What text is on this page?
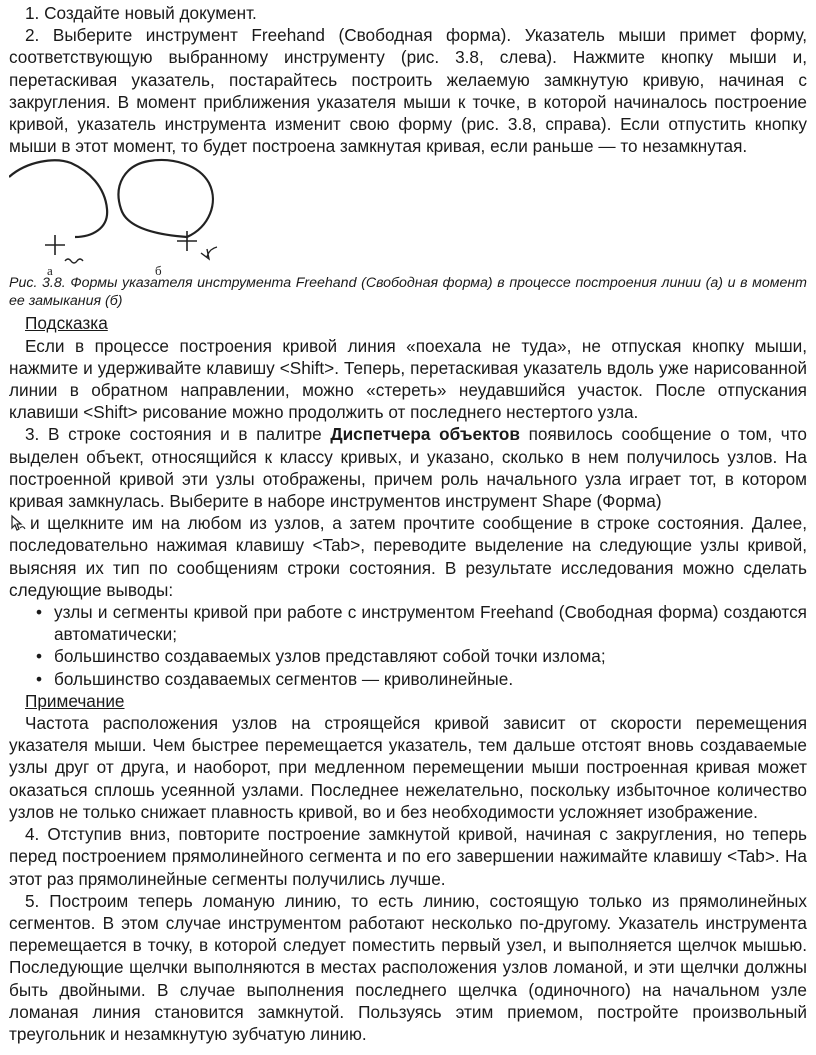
1. Создайте новый документ.

2. Выберите инструмент Freehand (Свободная форма). Указатель мыши примет форму, соответствующую выбранному инструменту (рис. 3.8, слева). Нажмите кнопку мыши и, перетаскивая указатель, постарайтесь построить желаемую замкнутую кривую, начиная с закругления. В момент приближения указателя мыши к точке, в которой начиналось построение кривой, указатель инструмента изменит свою форму (рис. 3.8, справа). Если отпустить кнопку мыши в этот момент, то будет построена замкнутая кривая, если раньше — то незамкнутая.

а	б

Рис. 3.8. Формы указателя инструмента Freehand (Свободная форма) в процессе построения линии (а) и в момент ее замыкания (б)

Подсказка

Если в процессе построения кривой линия «поехала не туда», не отпуская кнопку мыши, нажмите и удерживайте клавишу <Shift>. Теперь, перетаскивая указатель вдоль уже нарисованной линии в обратном направлении, можно «стереть» неудавшийся участок. После отпускания клавиши <Shift> рисование можно продолжить от последнего нестертого узла.

3. В строке состояния и в палитре Диспетчера объектов появилось сообщение о том, что выделен объект, относящийся к классу кривых, и указано, сколько в нем получилось узлов. На построенной кривой эти узлы отображены, причем роль начального узла играет тот, в котором кривая замкнулась. Выберите в наборе инструментов инструмент Shape (Форма)

и щелкните им на любом из узлов, а затем прочтите сообщение в строке состояния. Далее, последовательно нажимая клавишу <Tab>, переводите выделение на следующие узлы кривой, выясняя их тип по сообщениям строки состояния. В результате исследования можно сделать следующие выводы:

• узлы и сегменты кривой при работе с инструментом Freehand (Свободная форма) создаются автоматически;
• большинство создаваемых узлов представляют собой точки излома;
• большинство создаваемых сегментов — криволинейные.

Примечание

Частота расположения узлов на строящейся кривой зависит от скорости перемещения указателя мыши. Чем быстрее перемещается указатель, тем дальше отстоят вновь создаваемые узлы друг от друга, и наоборот, при медленном перемещении мыши построенная кривая может оказаться сплошь усеянной узлами. Последнее нежелательно, поскольку избыточное количество узлов не только снижает плавность кривой, во и без необходимости усложняет изображение.

4. Отступив вниз, повторите построение замкнутой кривой, начиная с закругления, но теперь перед построением прямолинейного сегмента и по его завершении нажимайте клавишу <Tab>. На этот раз прямолинейные сегменты получились лучше.

5. Построим теперь ломаную линию, то есть линию, состоящую только из прямолинейных сегментов. В этом случае инструментом работают несколько по-другому. Указатель инструмента перемещается в точку, в которой следует поместить первый узел, и выполняется щелчок мышью. Последующие щелчки выполняются в местах расположения узлов ломаной, и эти щелчки должны быть двойными. В случае выполнения последнего щелчка (одиночного) на начальном узле ломаная линия становится замкнутой. Пользуясь этим приемом, постройте произвольный треугольник и незамкнутую зубчатую линию.
